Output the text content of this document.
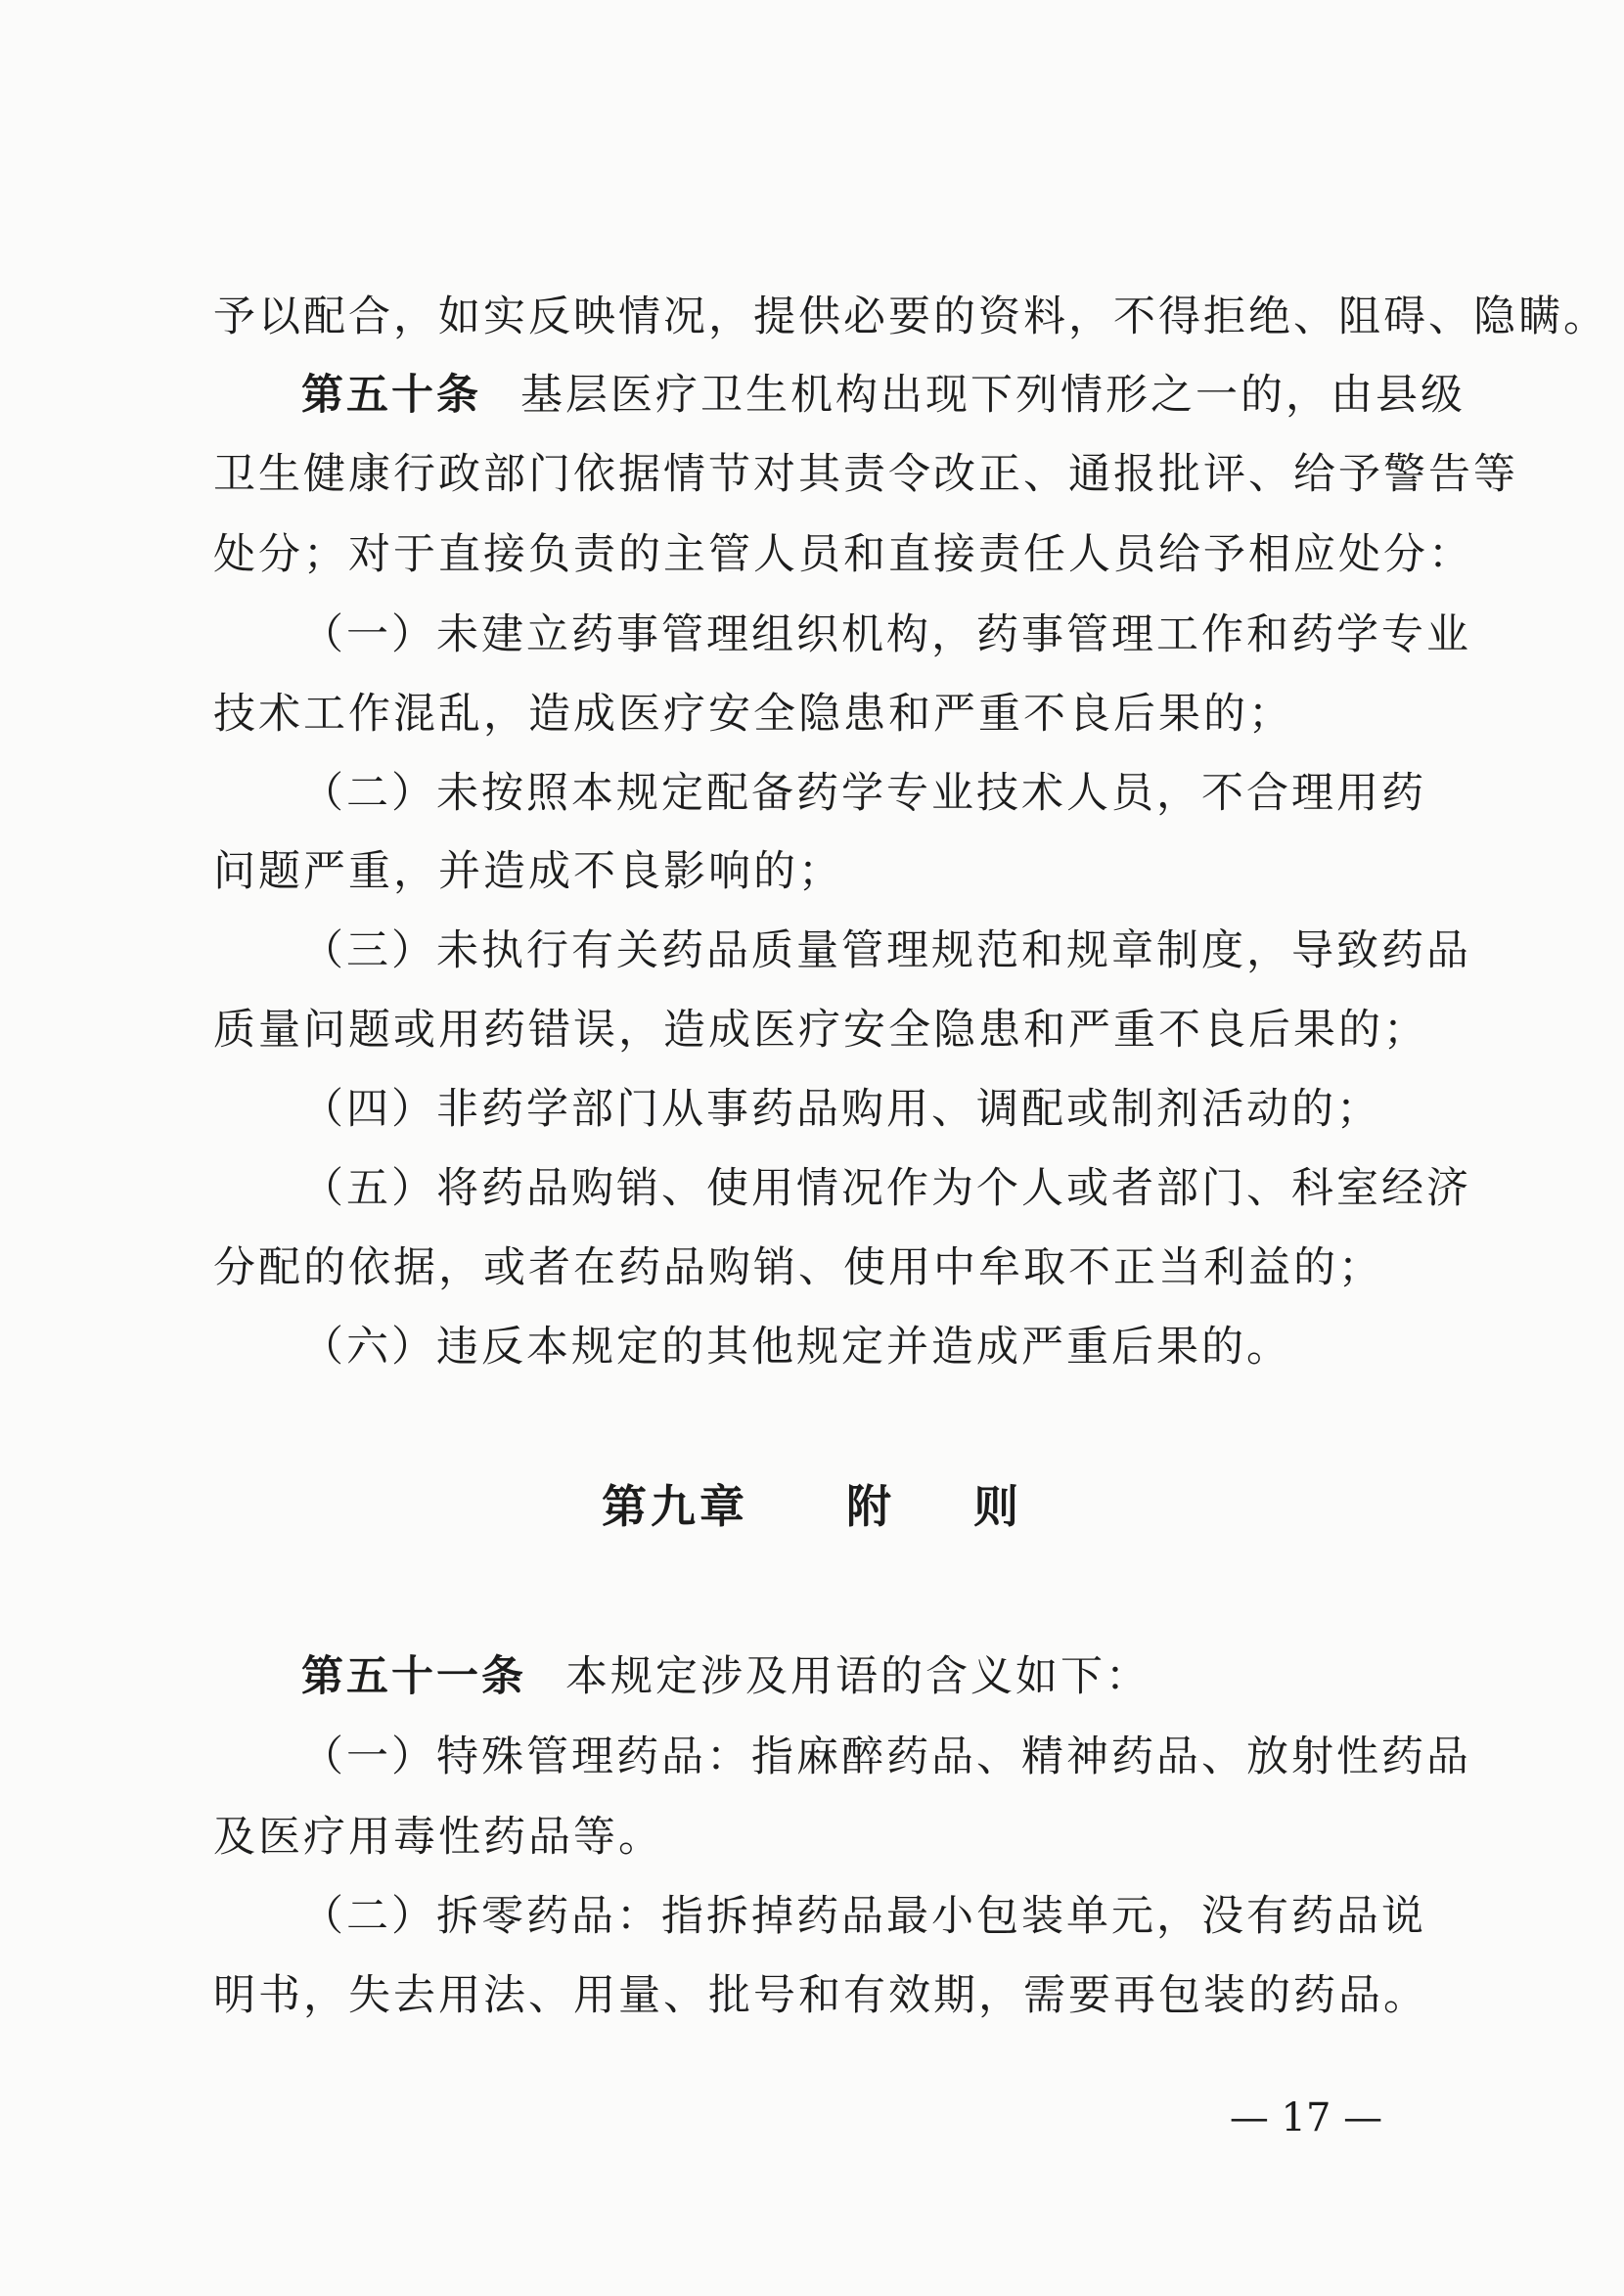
予以配合，如实反映情况，提供必要的资料，不得拒绝、阻碍、隐瞒。
第五十条 基层医疗卫生机构出现下列情形之一的，由县级
卫生健康行政部门依据情节对其责令改正、通报批评、给予警告等
处分；对于直接负责的主管人员和直接责任人员给予相应处分：
（一）未建立药事管理组织机构，药事管理工作和药学专业
技术工作混乱，造成医疗安全隐患和严重不良后果的；
（二）未按照本规定配备药学专业技术人员，不合理用药
问题严重，并造成不良影响的；
（三）未执行有关药品质量管理规范和规章制度，导致药品
质量问题或用药错误，造成医疗安全隐患和严重不良后果的；
（四）非药学部门从事药品购用、调配或制剂活动的；
（五）将药品购销、使用情况作为个人或者部门、科室经济
分配的依据，或者在药品购销、使用中牟取不正当利益的；
（六）违反本规定的其他规定并造成严重后果的。
第九章 附 则
第五十一条 本规定涉及用语的含义如下：
（一）特殊管理药品：指麻醉药品、精神药品、放射性药品
及医疗用毒性药品等。
（二）拆零药品：指拆掉药品最小包装单元，没有药品说
明书，失去用法、用量、批号和有效期，需要再包装的药品。
— 17 —
